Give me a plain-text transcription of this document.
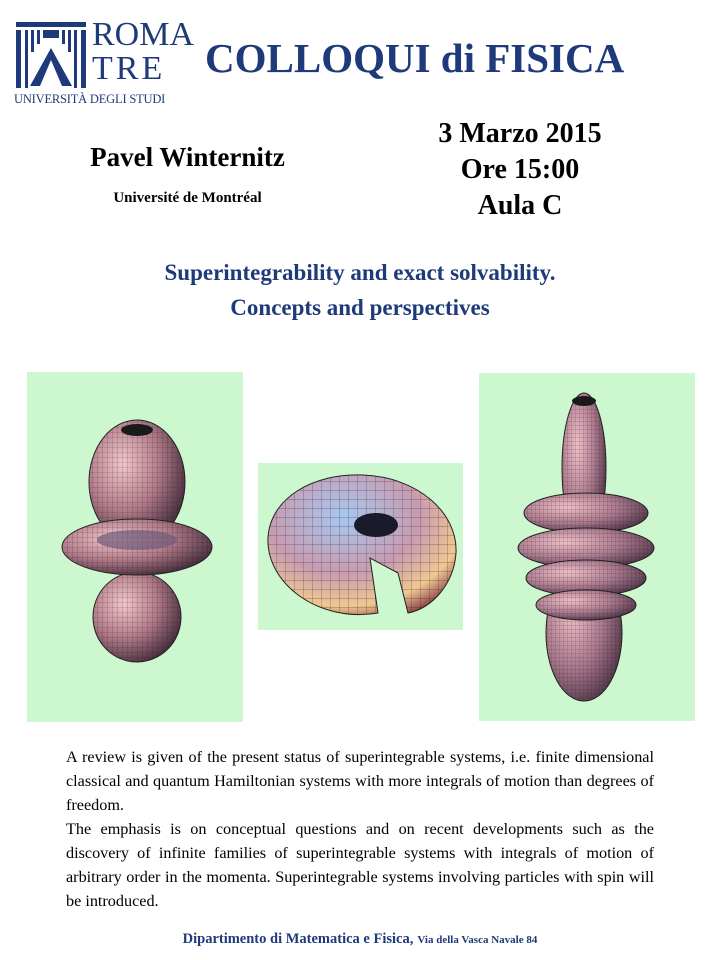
ROMA
TRE
UNIVERSITÀ DEGLI STUDI
COLLOQUI di FISICA
Pavel Winternitz
Université de Montréal
3 Marzo 2015
Ore 15:00
Aula C
Superintegrability and exact solvability.
Concepts and perspectives

A review is given of the present status of superintegrable systems, i.e. finite dimensional classical and quantum Hamiltonian systems with more integrals of motion than degrees of freedom.

The emphasis is on conceptual questions and on recent developments such as the discovery of infinite families of superintegrable systems with integrals of motion of arbitrary order in the momenta. Superintegrable systems involving particles with spin will be introduced.

Dipartimento di Matematica e Fisica, Via della Vasca Navale 84
